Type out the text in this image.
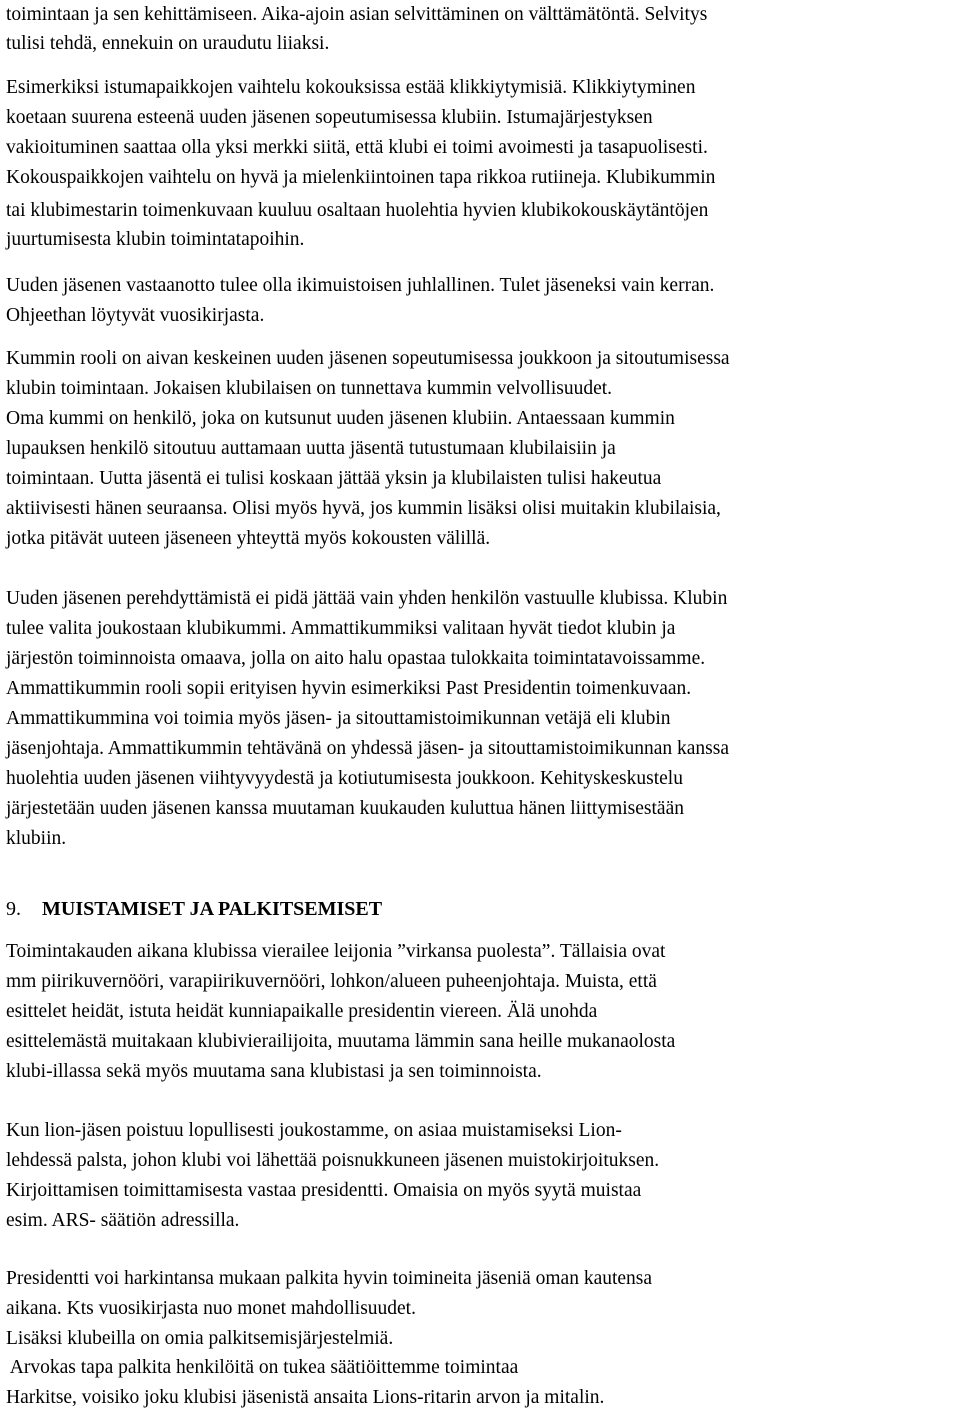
toimintaan ja sen kehittämiseen. Aika-ajoin asian selvittäminen on välttämätöntä. Selvitys
tulisi tehdä, ennekuin on uraudutu liiaksi.
Esimerkiksi istumapaikkojen vaihtelu kokouksissa estää klikkiytymisiä. Klikkiytyminen
koetaan suurena esteenä uuden jäsenen sopeutumisessa klubiin. Istumajärjestyksen
vakioituminen saattaa olla yksi merkki siitä, että klubi ei toimi avoimesti ja tasapuolisesti.
Kokouspaikkojen vaihtelu on hyvä ja mielenkiintoinen tapa rikkoa rutiineja. Klubikummin
tai klubimestarin toimenkuvaan kuuluu osaltaan huolehtia hyvien klubikokouskäytäntöjen
juurtumisesta klubin toimintatapoihin.
Uuden jäsenen vastaanotto tulee olla ikimuistoisen juhlallinen. Tulet jäseneksi vain kerran.
Ohjeethan löytyvät vuosikirjasta.
Kummin rooli on aivan keskeinen uuden jäsenen sopeutumisessa joukkoon ja sitoutumisessa
klubin toimintaan. Jokaisen klubilaisen on tunnettava kummin velvollisuudet.
Oma kummi on henkilö, joka on kutsunut uuden jäsenen klubiin. Antaessaan kummin
lupauksen henkilö sitoutuu auttamaan uutta jäsentä tutustumaan klubilaisiin ja
toimintaan. Uutta jäsentä ei tulisi koskaan jättää yksin ja klubilaisten tulisi hakeutua
aktiivisesti hänen seuraansa. Olisi myös hyvä, jos kummin lisäksi olisi muitakin klubilaisia,
jotka pitävät uuteen jäseneen yhteyttä myös kokousten välillä.
Uuden jäsenen perehdyttämistä ei pidä jättää vain yhden henkilön vastuulle klubissa. Klubin
tulee valita joukostaan klubikummi. Ammattikummiksi valitaan hyvät tiedot klubin ja
järjestön toiminnoista omaava, jolla on aito halu opastaa tulokkaita toimintatavoissamme.
Ammattikummin rooli sopii erityisen hyvin esimerkiksi Past Presidentin toimenkuvaan.
Ammattikummina voi toimia myös jäsen- ja sitouttamistoimikunnan vetäjä eli klubin
jäsenjohtaja. Ammattikummin tehtävänä on yhdessä jäsen- ja sitouttamistoimikunnan kanssa
huolehtia uuden jäsenen viihtyvyydestä ja kotiutumisesta joukkoon. Kehityskeskustelu
järjestetään uuden jäsenen kanssa muutaman kuukauden kuluttua hänen liittymisestään
klubiin.
9. MUISTAMISET JA PALKITSEMISET
Toimintakauden aikana klubissa vierailee leijonia ”virkansa puolesta”. Tällaisia ovat
mm piirikuvernööri, varapiirikuvernööri, lohkon/alueen puheenjohtaja. Muista, että
esittelet heidät, istuta heidät kunniapaikalle presidentin viereen. Älä unohda
esittelemästä muitakaan klubivierailijoita, muutama lämmin sana heille mukanaolosta
klubi-illassa sekä myös muutama sana klubistasi ja sen toiminnoista.
Kun lion-jäsen poistuu lopullisesti joukostamme, on asiaa muistamiseksi Lion-
lehdessä palsta, johon klubi voi lähettää poisnukkuneen jäsenen muistokirjoituksen.
Kirjoittamisen toimittamisesta vastaa presidentti. Omaisia on myös syytä muistaa
esim. ARS- säätiön adressilla.
Presidentti voi harkintansa mukaan palkita hyvin toimineita jäseniä oman kautensa
aikana. Kts vuosikirjasta nuo monet mahdollisuudet.
Lisäksi klubeilla on omia palkitsemisjärjestelmiä.
Arvokas tapa palkita henkilöitä on tukea säätiöittemme toimintaa
Harkitse, voisiko joku klubisi jäsenistä ansaita Lions-ritarin arvon ja mitalin.
